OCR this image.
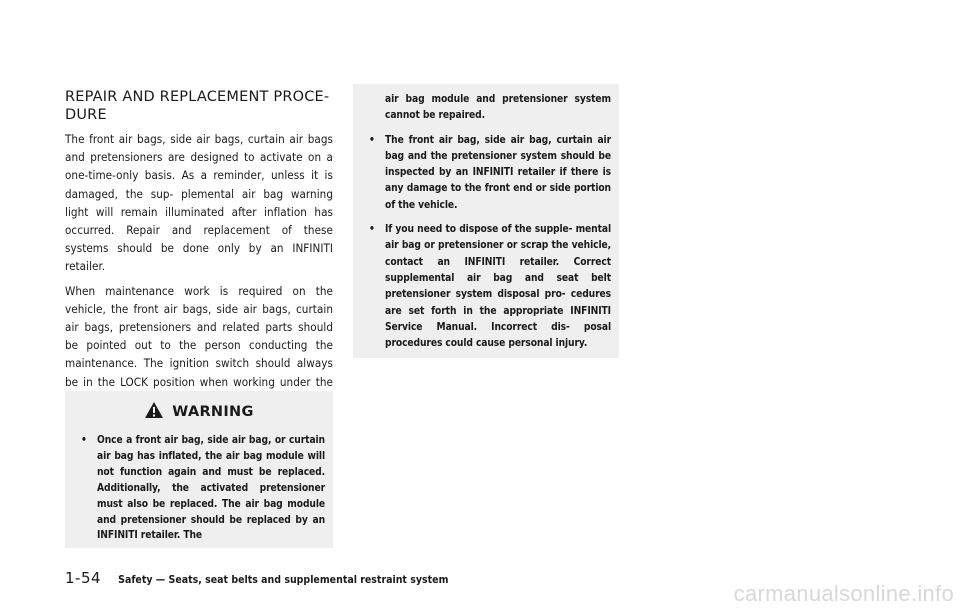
REPAIR AND REPLACEMENT PROCE- DURE

The front air bags, side air bags, curtain air bags and pretensioners are designed to activate on a one-time-only basis. As a reminder, unless it is damaged, the sup- plemental air bag warning light will remain illuminated after inflation has occurred. Repair and replacement of these systems should be done only by an INFINITI retailer.

When maintenance work is required on the vehicle, the front air bags, side air bags, curtain air bags, pretensioners and related parts should be pointed out to the person conducting the maintenance. The ignition switch should always be in the LOCK position when working under the

WARNING
• Once a front air bag, side air bag, or curtain air bag has inflated, the air bag module will not function again and must be replaced. Additionally, the activated pretensioner must also be replaced. The air bag module and pretensioner should be replaced by an INFINITI retailer. The
air bag module and pretensioner system cannot be repaired.
• The front air bag, side air bag, curtain air bag and the pretensioner system should be inspected by an INFINITI retailer if there is any damage to the front end or side portion of the vehicle.
• If you need to dispose of the supple- mental air bag or pretensioner or scrap the vehicle, contact an INFINITI retailer. Correct supplemental air bag and seat belt pretensioner system disposal pro- cedures are set forth in the appropriate INFINITI Service Manual. Incorrect dis- posal procedures could cause personal injury.
1-54 Safety — Seats, seat belts and supplemental restraint system
carmanualsonline.info
